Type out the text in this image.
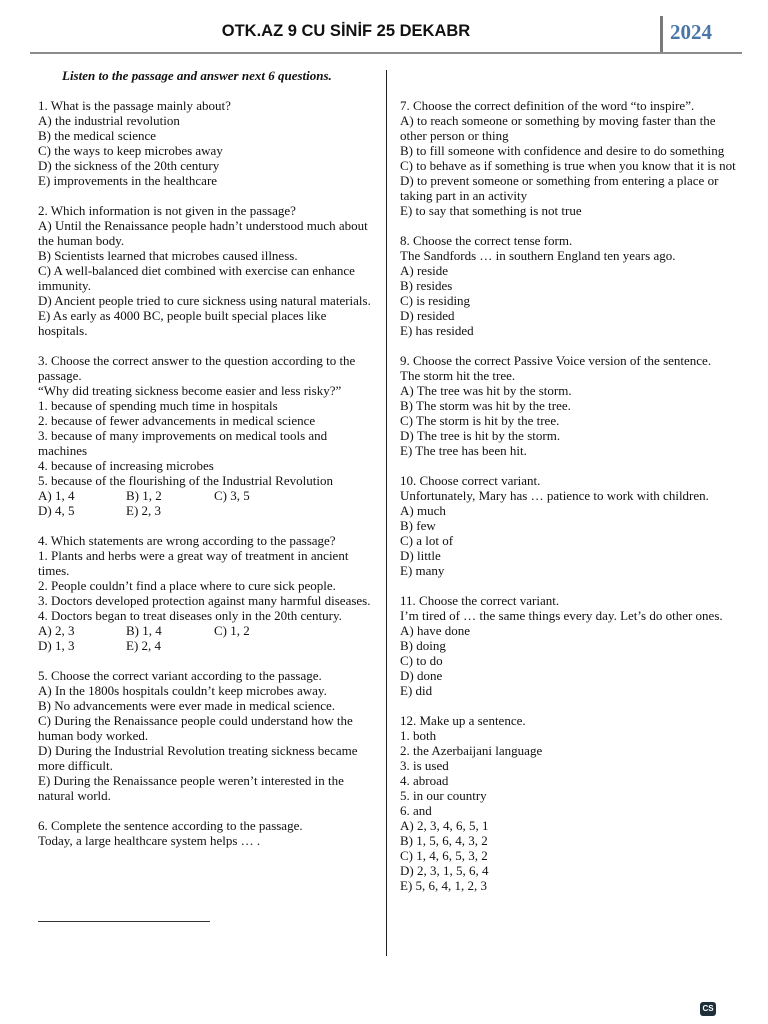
OTK.AZ 9 CU SİNİF 25 DEKABR	2024
Listen to the passage and answer next 6 questions.

1. What is the passage mainly about?

A) the industrial revolution

B) the medical science

C) the ways to keep microbes away

D) the sickness of the 20th century

E) improvements in the healthcare

2. Which information is not given in the passage?

A) Until the Renaissance people hadn’t understood much about the human body.

B) Scientists learned that microbes caused illness.

C) A well-balanced diet combined with exercise can enhance immunity.

D) Ancient people tried to cure sickness using natural materials.

E) As early as 4000 BC, people built special places like hospitals.

3. Choose the correct answer to the question according to the passage.

“Why did treating sickness become easier and less risky?”

1. because of spending much time in hospitals

2. because of fewer advancements in medical science

3. because of many improvements on medical tools and machines

4. because of increasing microbes

5. because of the flourishing of the Industrial Revolution

A) 1, 4	B) 1, 2	C) 3, 5
D) 4, 5	E) 2, 3

4. Which statements are wrong according to the passage?

1. Plants and herbs were a great way of treatment in ancient times.

2. People couldn’t find a place where to cure sick people.

3. Doctors developed protection against many harmful diseases.

4. Doctors began to treat diseases only in the 20th century.

A) 2, 3	B) 1, 4	C) 1, 2
D) 1, 3	E) 2, 4

5. Choose the correct variant according to the passage.

A) In the 1800s hospitals couldn’t keep microbes away.

B) No advancements were ever made in medical science.

C) During the Renaissance people could understand how the human body worked.

D) During the Industrial Revolution treating sickness became more difficult.

E) During the Renaissance people weren’t interested in the natural world.

6. Complete the sentence according to the passage.

Today, a large healthcare system helps … .

7. Choose the correct definition of the word “to inspire”.

A) to reach someone or something by moving faster than the other person or thing

B) to fill someone with confidence and desire to do something

C) to behave as if something is true when you know that it is not

D) to prevent someone or something from entering a place or taking part in an activity

E) to say that something is not true

8. Choose the correct tense form.

The Sandfords … in southern England ten years ago.

A) reside

B) resides

C) is residing

D) resided

E) has resided

9. Choose the correct Passive Voice version of the sentence.

The storm hit the tree.

A) The tree was hit by the storm.

B) The storm was hit by the tree.

C) The storm is hit by the tree.

D) The tree is hit by the storm.

E) The tree has been hit.

10. Choose correct variant.

Unfortunately, Mary has … patience to work with children.

A) much

B) few

C) a lot of

D) little

E) many

11. Choose the correct variant.

I’m tired of … the same things every day. Let’s do other ones.

A) have done

B) doing

C) to do

D) done

E) did

12. Make up a sentence.

1. both

2. the Azerbaijani language

3. is used

4. abroad

5. in our country

6. and

A) 2, 3, 4, 6, 5, 1

B) 1, 5, 6, 4, 3, 2

C) 1, 4, 6, 5, 3, 2

D) 2, 3, 1, 5, 6, 4

E) 5, 6, 4, 1, 2, 3

CS
